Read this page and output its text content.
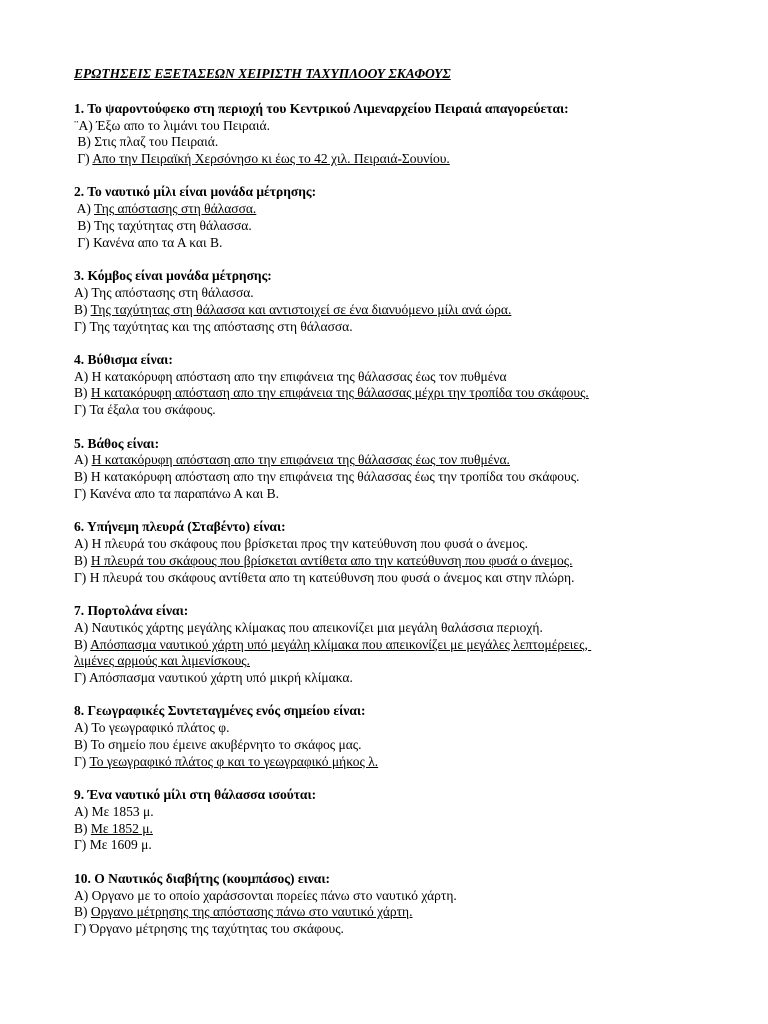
ΕΡΩΤΗΣΕΙΣ ΕΞΕΤΑΣΕΩΝ ΧΕΙΡΙΣΤΗ ΤΑΧΥΠΛΟΟΥ ΣΚΑΦΟΥΣ
1. Το ψαροντούφεκο στη περιοχή του Κεντρικού Λιμεναρχείου Πειραιά απαγορεύεται:
¨Α) Έξω απο το λιμάνι του Πειραιά.
Β) Στις πλαζ του Πειραιά.
Γ) Απο την Πειραϊκή Χερσόνησο κι έως το 42 χιλ. Πειραιά-Σουνίου.
2. Το ναυτικό μίλι είναι μονάδα μέτρησης:
Α) Της απόστασης στη θάλασσα.
Β) Της ταχύτητας στη θάλασσα.
Γ) Κανένα απο τα Α και Β.
3. Κόμβος είναι μονάδα μέτρησης:
Α) Της απόστασης στη θάλασσα.
Β) Της ταχύτητας στη θάλασσα και αντιστοιχεί σε ένα διανυόμενο μίλι ανά ώρα.
Γ) Της ταχύτητας και της απόστασης στη θάλασσα.
4. Βύθισμα είναι:
Α) Η κατακόρυφη απόσταση απο την επιφάνεια της θάλασσας έως τον πυθμένα
Β) Η κατακόρυφη απόσταση απο την επιφάνεια της θάλασσας μέχρι την τροπίδα του σκάφους.
Γ) Τα έξαλα του σκάφους.
5. Βάθος είναι:
Α) Η κατακόρυφη απόσταση απο την επιφάνεια της θάλασσας έως τον πυθμένα.
Β) Η κατακόρυφη απόσταση απο την επιφάνεια της θάλασσας έως την τροπίδα του σκάφους.
Γ) Κανένα απο τα παραπάνω Α και Β.
6. Υπήνεμη πλευρά (Σταβέντο) είναι:
Α) Η πλευρά του σκάφους που βρίσκεται προς την κατεύθυνση που φυσά ο άνεμος.
Β) Η πλευρά του σκάφους που βρίσκεται αντίθετα απο την κατεύθυνση που φυσά ο άνεμος.
Γ) Η πλευρά του σκάφους αντίθετα απο τη κατεύθυνση που φυσά ο άνεμος και στην πλώρη.
7. Πορτολάνα είναι:
Α) Ναυτικός χάρτης μεγάλης κλίμακας που απεικονίζει μια μεγάλη θαλάσσια περιοχή.
Β) Απόσπασμα ναυτικού χάρτη υπό μεγάλη κλίμακα που απεικονίζει με μεγάλες λεπτομέρειες,
λιμένες αρμούς και λιμενίσκους.
Γ) Απόσπασμα ναυτικού χάρτη υπό μικρή κλίμακα.
8. Γεωγραφικές Συντεταγμένες ενός σημείου είναι:
Α) Το γεωγραφικό πλάτος φ.
Β) Το σημείο που έμεινε ακυβέρνητο το σκάφος μας.
Γ) Το γεωγραφικό πλάτος φ και το γεωγραφικό μήκος λ.
9. Ένα ναυτικό μίλι στη θάλασσα ισούται:
Α) Με 1853 μ.
Β) Με 1852 μ.
Γ) Με 1609 μ.
10. Ο Ναυτικός διαβήτης (κουμπάσος) ειναι:
Α) Οργανο με το οποίο χαράσσονται πορείες πάνω στο ναυτικό χάρτη.
Β) Οργανο μέτρησης της απόστασης πάνω στο ναυτικό χάρτη.
Γ) Όργανο μέτρησης της ταχύτητας του σκάφους.
